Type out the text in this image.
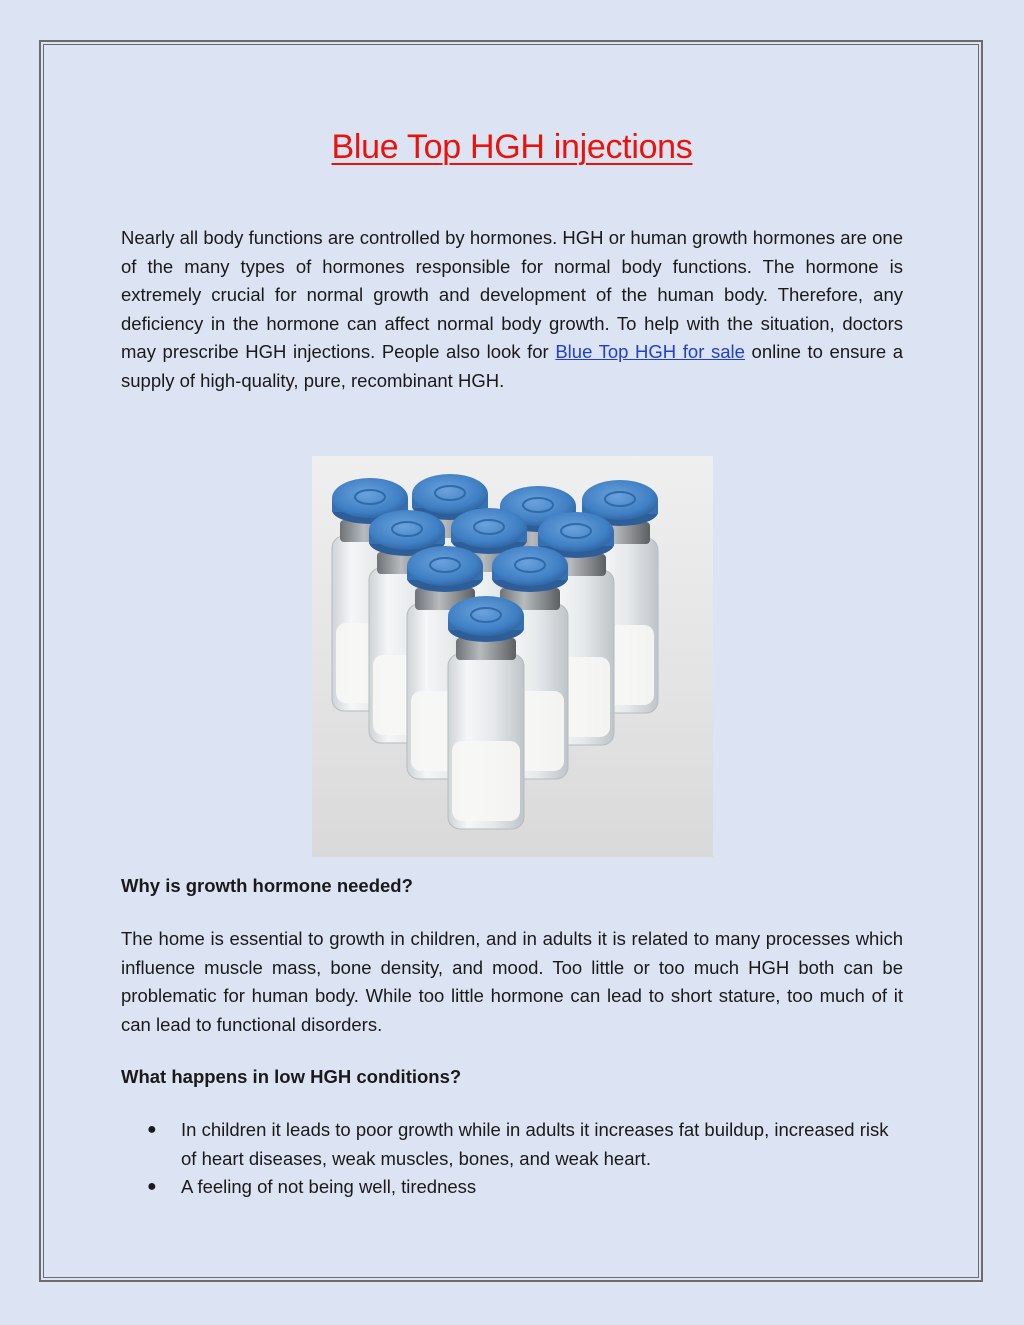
Blue Top HGH injections

Nearly all body functions are controlled by hormones. HGH or human growth hormones are one of the many types of hormones responsible for normal body functions. The hormone is extremely crucial for normal growth and development of the human body. Therefore, any deficiency in the hormone can affect normal body growth. To help with the situation, doctors may prescribe HGH injections. People also look for Blue Top HGH for sale online to ensure a supply of high-quality, pure, recombinant HGH.

Why is growth hormone needed?

The home is essential to growth in children, and in adults it is related to many processes which influence muscle mass, bone density, and mood. Too little or too much HGH both can be problematic for human body. While too little hormone can lead to short stature, too much of it can lead to functional disorders.

What happens in low HGH conditions?

● In children it leads to poor growth while in adults it increases fat buildup, increased risk of heart diseases, weak muscles, bones, and weak heart.
● A feeling of not being well, tiredness
